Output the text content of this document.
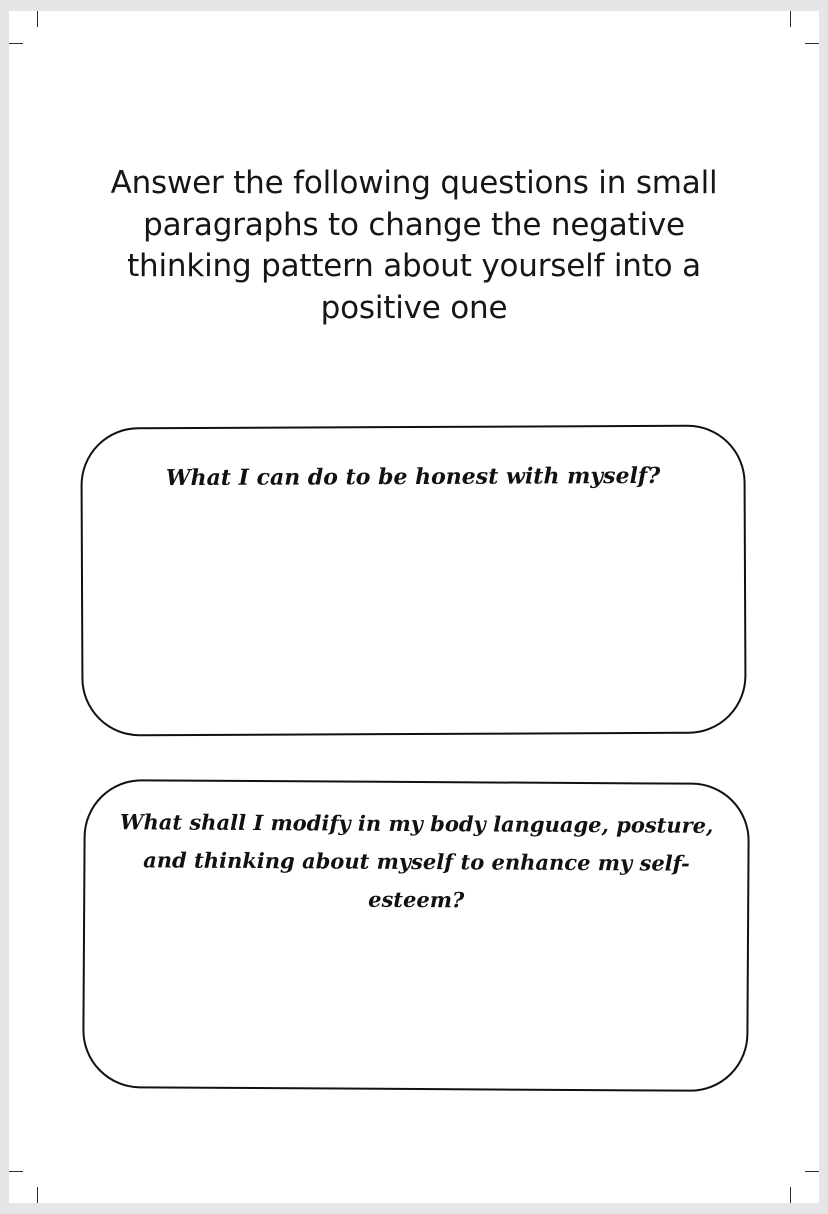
Answer the following questions in small paragraphs to change the negative thinking pattern about yourself into a positive one

What I can do to be honest with myself?

What shall I modify in my body language, posture, and thinking about myself to enhance my self-esteem?
